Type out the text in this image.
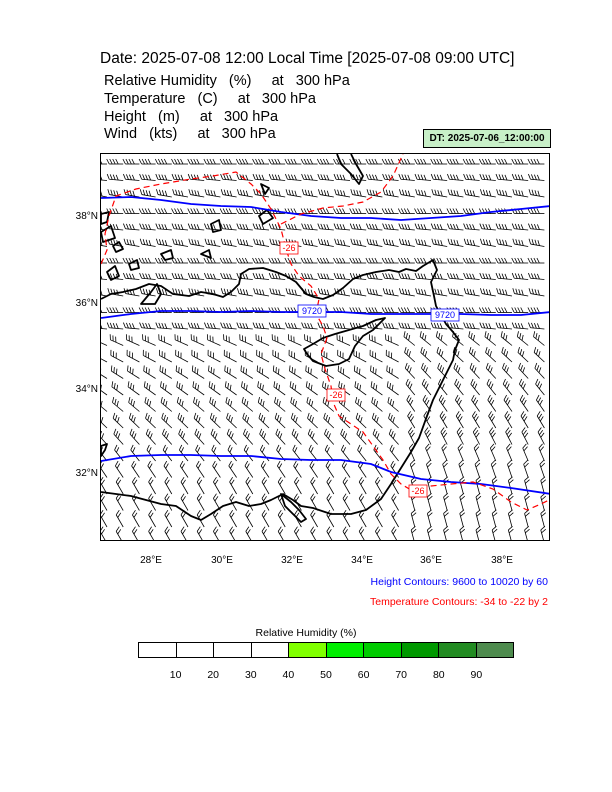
Date: 2025-07-08 12:00 Local Time [2025-07-08 09:00 UTC]
Relative Humidity   (%)     at   300 hPa
Temperature   (C)     at   300 hPa
Height   (m)     at   300 hPa
Wind   (kts)     at   300 hPa	DT: 2025-07-06_12:00:00
9720	9720
-26
-26
-26
38°N
36°N
34°N
32°N
28°E	30°E	32°E	34°E	36°E	38°E
Height Contours: 9600 to 10020 by 60
Temperature Contours: -34 to -22 by 2
Relative Humidity (%)
10	20	30	40	50	60	70	80	90
